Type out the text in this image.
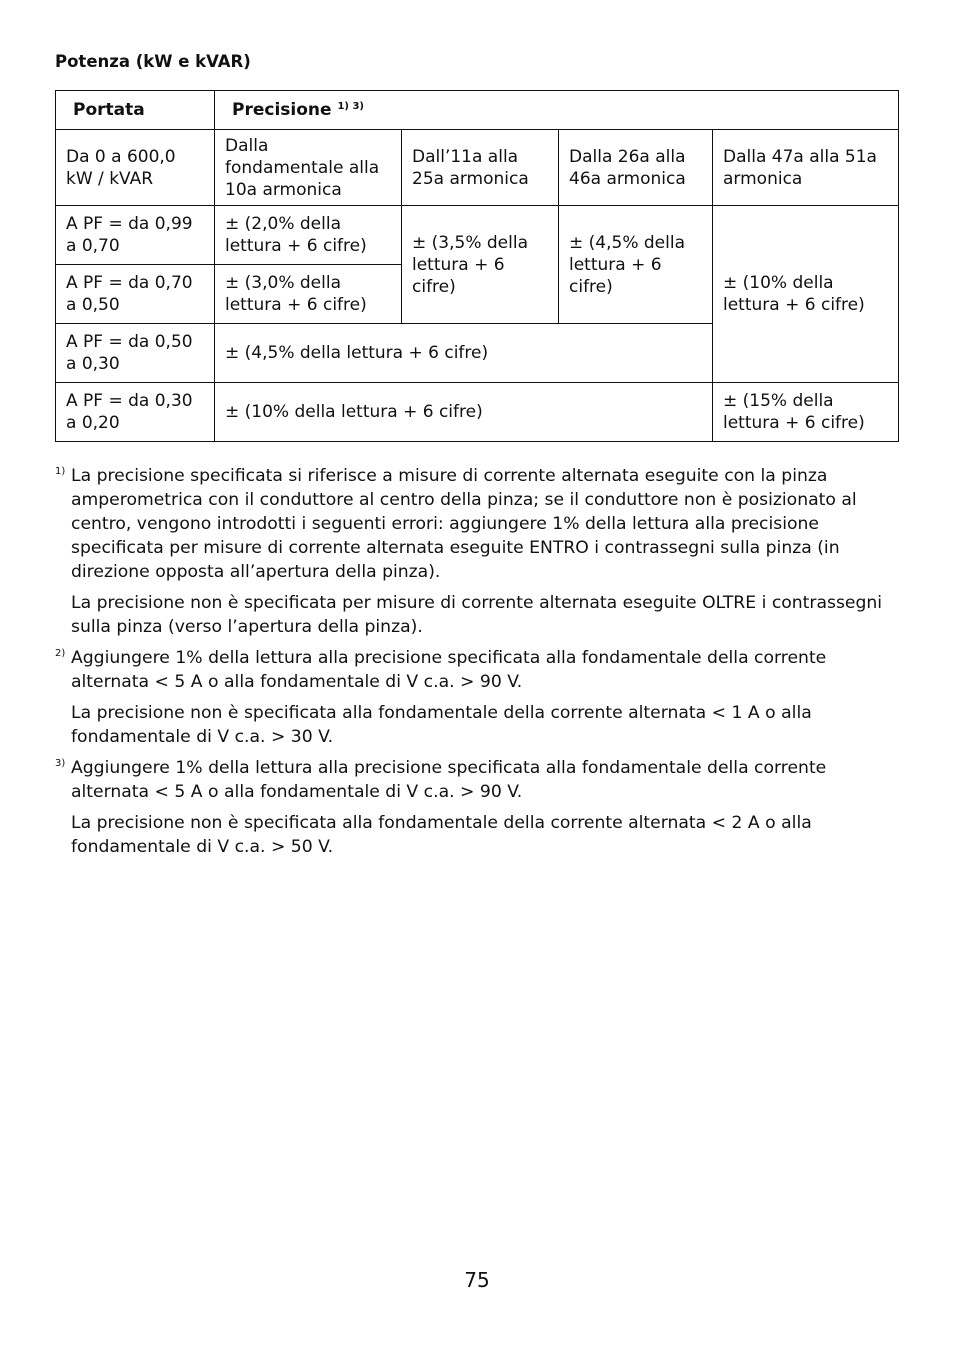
Potenza (kW e kVAR)
Portata	Precisione $^{1) 3)}$
Da 0 a 600,0 kW / kVAR	Dalla fondamentale alla 10a armonica	Dall’11a alla 25a armonica	Dalla 26a alla 46a armonica	Dalla 47a alla 51a armonica
A PF = da 0,99 a 0,70	± (2,0% della lettura + 6 cifre)	± (3,5% della lettura + 6 cifre)	± (4,5% della lettura + 6 cifre)	± (10% della lettura + 6 cifre)
A PF = da 0,70 a 0,50	± (3,0% della lettura + 6 cifre)			
A PF = da 0,50 a 0,30	± (4,5% della lettura + 6 cifre)			
A PF = da 0,30 a 0,20	± (10% della lettura + 6 cifre)			± (15% della lettura + 6 cifre)
1) La precisione specificata si riferisce a misure di corrente alternata eseguite con la pinza amperometrica con il conduttore al centro della pinza; se il conduttore non è posizionato al centro, vengono introdotti i seguenti errori: aggiungere 1% della lettura alla precisione specificata per misure di corrente alternata eseguite ENTRO i contrassegni sulla pinza (in direzione opposta all’apertura della pinza).

La precisione non è specificata per misure di corrente alternata eseguite OLTRE i contrassegni sulla pinza (verso l’apertura della pinza).

2) Aggiungere 1% della lettura alla precisione specificata alla fondamentale della corrente alternata < 5 A o alla fondamentale di V c.a. > 90 V.

La precisione non è specificata alla fondamentale della corrente alternata < 1 A o alla fondamentale di V c.a. > 30 V.

3) Aggiungere 1% della lettura alla precisione specificata alla fondamentale della corrente alternata < 5 A o alla fondamentale di V c.a. > 90 V.

La precisione non è specificata alla fondamentale della corrente alternata < 2 A o alla fondamentale di V c.a. > 50 V.

75
